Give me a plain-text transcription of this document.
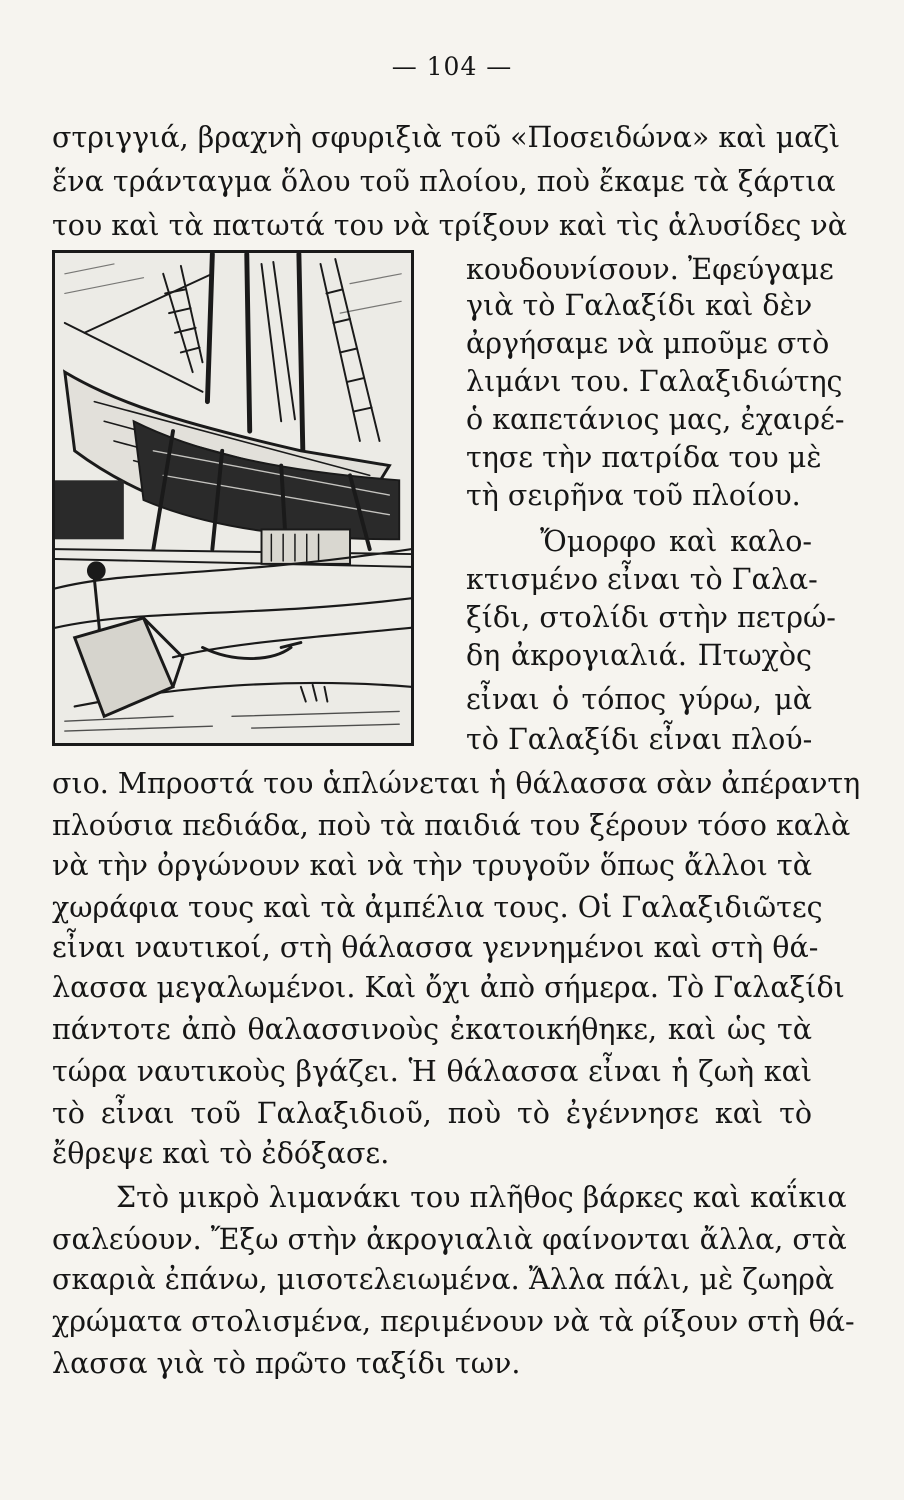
— 104 —
στριγγιά, βραχνὴ σφυριξιὰ τοῦ «Ποσειδώνα» καὶ μαζὶ
ἕνα τράνταγμα ὅλου τοῦ πλοίου, ποὺ ἔκαμε τὰ ξάρτια
του καὶ τὰ πατωτά του νὰ τρίξουν καὶ τὶς ἁλυσίδες νὰ
κουδουνίσουν. Ἐφεύγαμε
γιὰ τὸ Γαλαξίδι καὶ δὲν
ἀργήσαμε νὰ μποῦμε στὸ
λιμάνι του. Γαλαξιδιώτης
ὁ καπετάνιος μας, ἐχαιρέ-
τησε τὴν πατρίδα του μὲ
τὴ σειρῆνα τοῦ πλοίου.
Ὄμορφο καὶ καλο-
κτισμένο εἶναι τὸ Γαλα-
ξίδι, στολίδι στὴν πετρώ-
δη ἀκρογιαλιά. Πτωχὸς
εἶναι ὁ τόπος γύρω, μὰ
τὸ Γαλαξίδι εἶναι πλού-
σιο. Μπροστά του ἁπλώνεται ἡ θάλασσα σὰν ἀπέραντη
πλούσια πεδιάδα, ποὺ τὰ παιδιά του ξέρουν τόσο καλὰ
νὰ τὴν ὀργώνουν καὶ νὰ τὴν τρυγοῦν ὅπως ἄλλοι τὰ
χωράφια τους καὶ τὰ ἀμπέλια τους. Οἱ Γαλαξιδιῶτες
εἶναι ναυτικοί, στὴ θάλασσα γεννημένοι καὶ στὴ θά-
λασσα μεγαλωμένοι. Καὶ ὄχι ἀπὸ σήμερα. Τὸ Γαλαξίδι
πάντοτε ἀπὸ θαλασσινοὺς ἐκατοικήθηκε, καὶ ὡς τὰ
τώρα ναυτικοὺς βγάζει. Ἡ θάλασσα εἶναι ἡ ζωὴ καὶ
τὸ εἶναι τοῦ Γαλαξιδιοῦ, ποὺ τὸ ἐγέννησε καὶ τὸ
ἔθρεψε καὶ τὸ ἐδόξασε.
Στὸ μικρὸ λιμανάκι του πλῆθος βάρκες καὶ καΐκια
σαλεύουν. Ἔξω στὴν ἀκρογιαλιὰ φαίνονται ἄλλα, στὰ
σκαριὰ ἐπάνω, μισοτελειωμένα. Ἄλλα πάλι, μὲ ζωηρὰ
χρώματα στολισμένα, περιμένουν νὰ τὰ ρίξουν στὴ θά-
λασσα γιὰ τὸ πρῶτο ταξίδι των.
